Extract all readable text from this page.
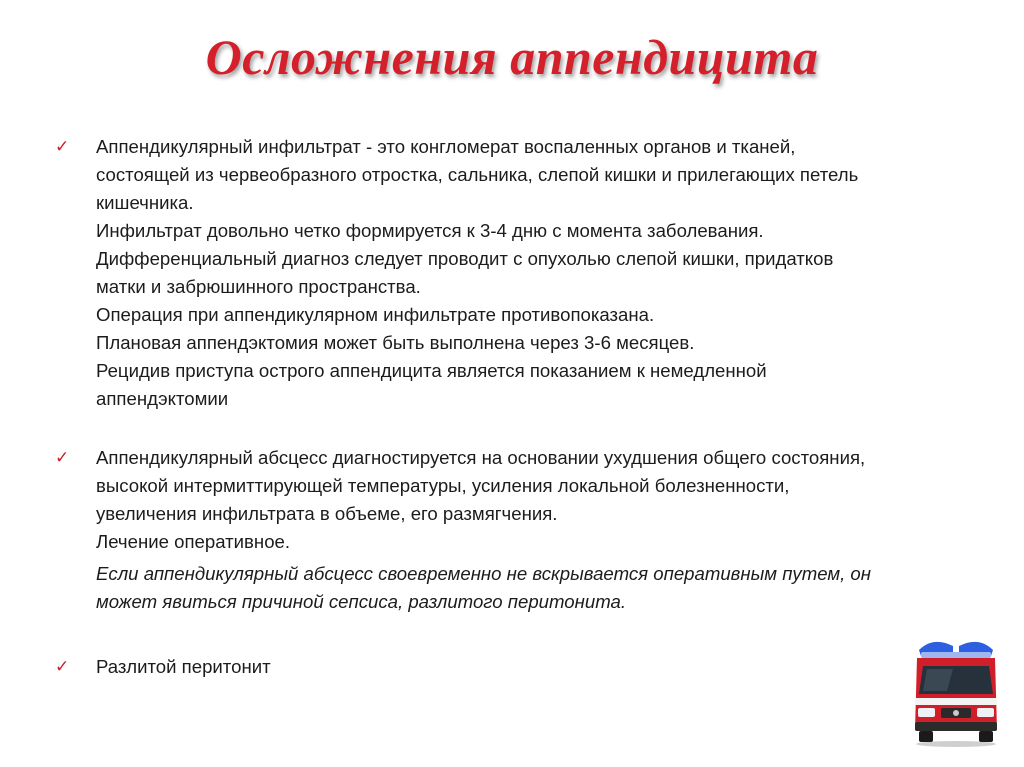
Осложнения аппендицита
✓ Аппендикулярный инфильтрат - это конгломерат воспаленных органов и тканей,
состоящей из червеобразного отростка, сальника, слепой кишки и прилегающих петель
кишечника.
Инфильтрат довольно четко формируется к 3-4 дню с момента заболевания.
Дифференциальный диагноз следует проводит с опухолью слепой кишки, придатков
матки и забрюшинного пространства.
Операция при аппендикулярном инфильтрате противопоказана.
Плановая аппендэктомия может быть выполнена через 3-6 месяцев.
Рецидив приступа острого аппендицита является показанием к немедленной
аппендэктомии
✓ Аппендикулярный абсцесс диагностируется на основании ухудшения общего состояния,
высокой интермиттирующей температуры, усиления локальной болезненности,
увеличения инфильтрата в объеме, его размягчения.
Лечение оперативное.
Если аппендикулярный абсцесс своевременно не вскрывается оперативным путем, он
может явиться причиной сепсиса, разлитого перитонита.
✓ Разлитой перитонит
